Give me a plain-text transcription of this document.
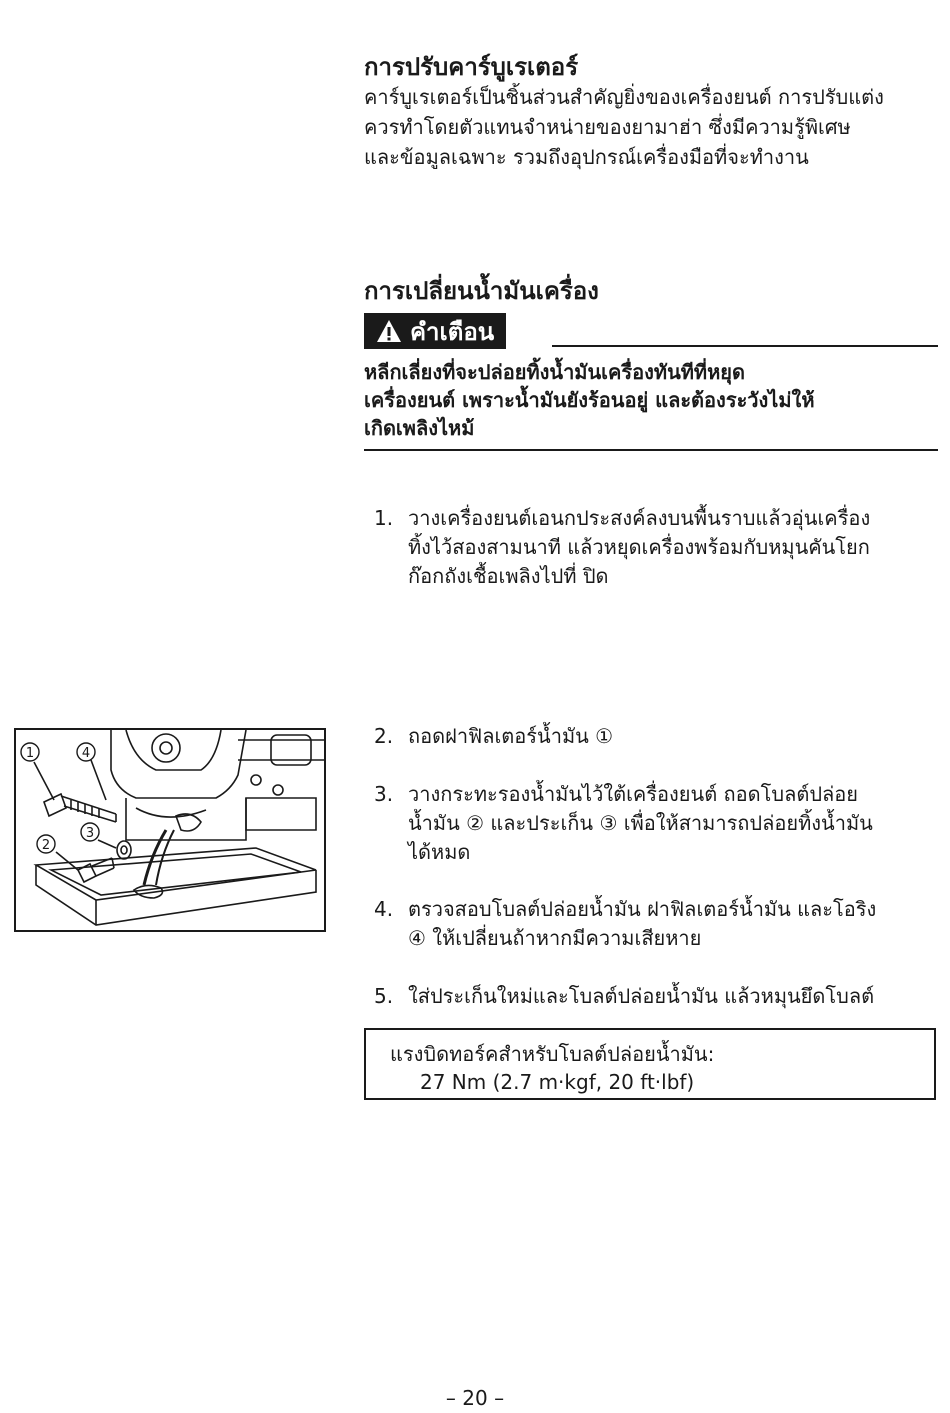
การปรับคาร์บูเรเตอร์
คาร์บูเรเตอร์เป็นชิ้นส่วนสำคัญยิ่งของเครื่องยนต์ การปรับแต่ง
ควรทำโดยตัวแทนจำหน่ายของยามาฮ่า ซึ่งมีความรู้พิเศษ
และข้อมูลเฉพาะ รวมถึงอุปกรณ์เครื่องมือที่จะทำงาน
การเปลี่ยนน้ำมันเครื่อง
คำเตือน
หลีกเลี่ยงที่จะปล่อยทิ้งน้ำมันเครื่องทันทีที่หยุด
เครื่องยนต์ เพราะน้ำมันยังร้อนอยู่ และต้องระวังไม่ให้
เกิดเพลิงไหม้
1. วางเครื่องยนต์เอนกประสงค์ลงบนพื้นราบแล้วอุ่นเครื่อง
ทิ้งไว้สองสามนาที แล้วหยุดเครื่องพร้อมกับหมุนคันโยก
ก๊อกถังเชื้อเพลิงไปที่ ปิด
2. ถอดฝาฟิลเตอร์น้ำมัน ①
3. วางกระทะรองน้ำมันไว้ใต้เครื่องยนต์ ถอดโบลต์ปล่อย
น้ำมัน ② และประเก็น ③ เพื่อให้สามารถปล่อยทิ้งน้ำมัน
ได้หมด
4. ตรวจสอบโบลต์ปล่อยน้ำมัน ฝาฟิลเตอร์น้ำมัน และโอริง
④ ให้เปลี่ยนถ้าหากมีความเสียหาย
5. ใส่ประเก็นใหม่และโบลต์ปล่อยน้ำมัน แล้วหมุนยึดโบลต์
แรงบิดทอร์คสำหรับโบลต์ปล่อยน้ำมัน:
27 Nm (2.7 m·kgf, 20 ft·lbf)
1	4
3
2
– 20 –
